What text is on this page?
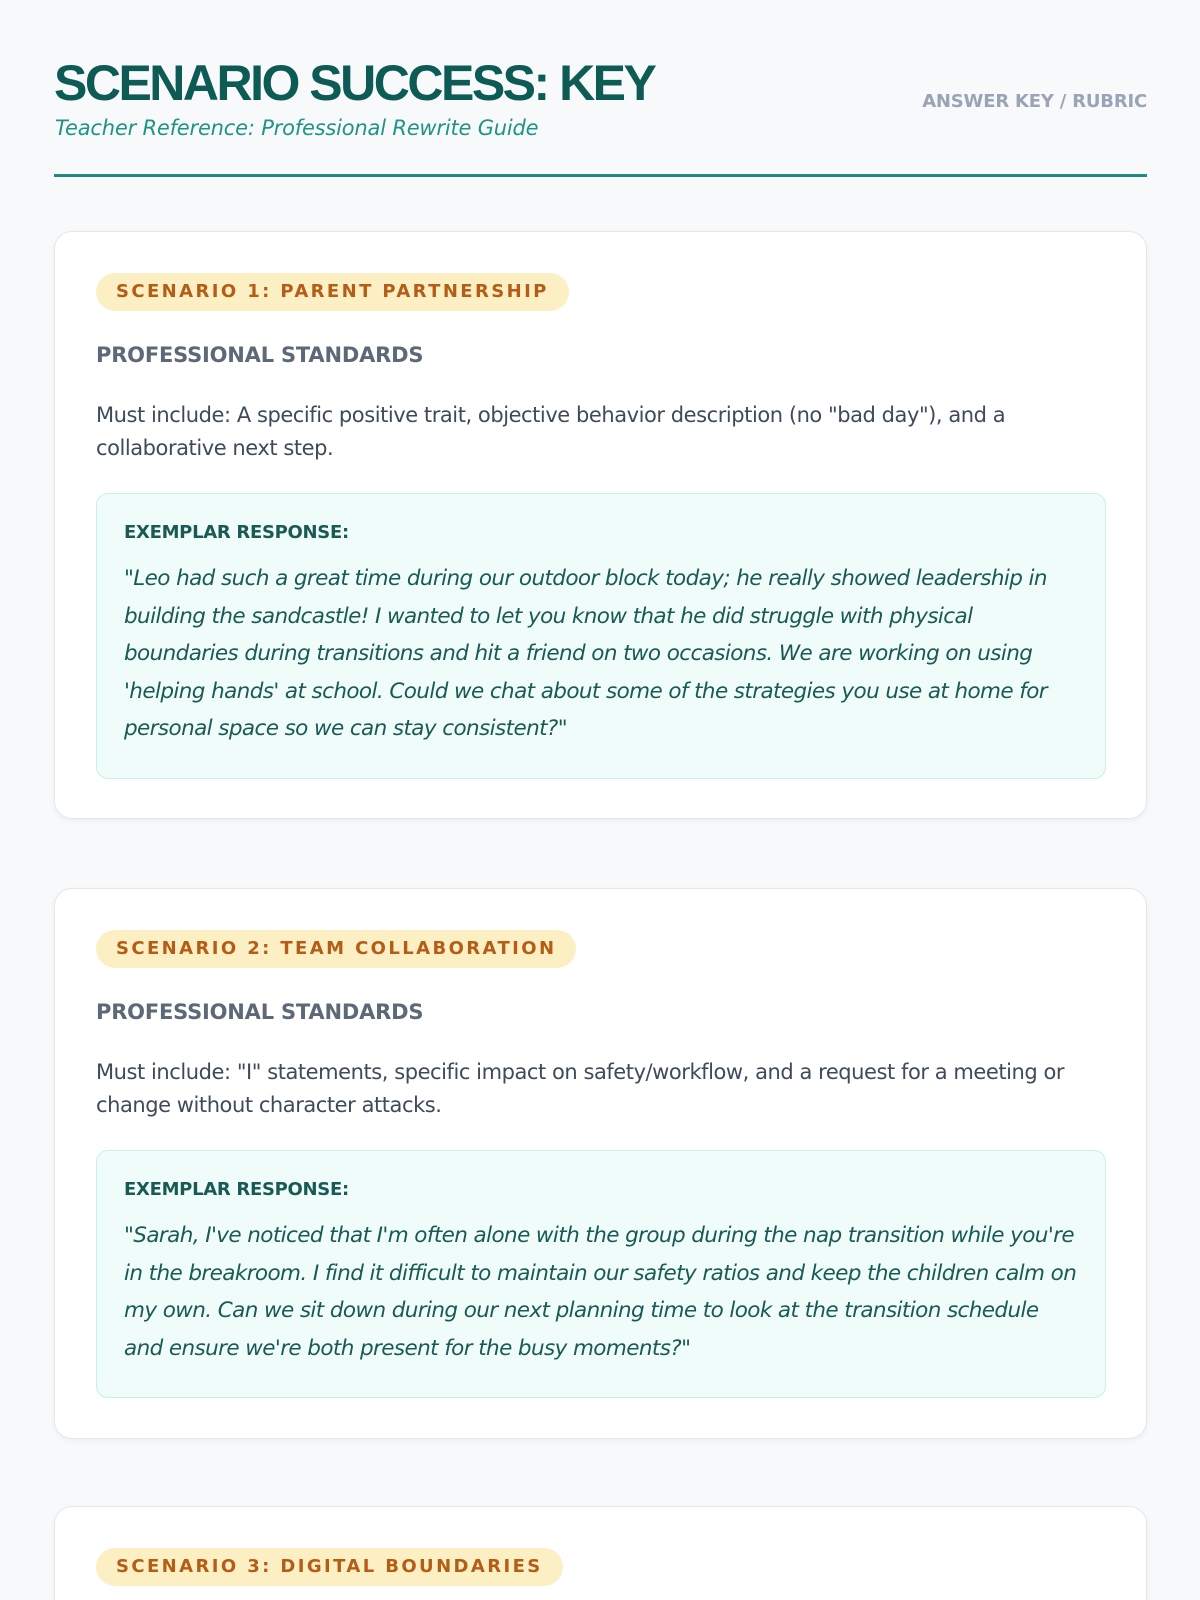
SCENARIO SUCCESS: KEY
Teacher Reference: Professional Rewrite Guide
ANSWER KEY / RUBRIC
SCENARIO 1: PARENT PARTNERSHIP
PROFESSIONAL STANDARDS
Must include: A specific positive trait, objective behavior description (no "bad day"), and a collaborative next step.
EXEMPLAR RESPONSE:
"Leo had such a great time during our outdoor block today; he really showed leadership in building the sandcastle! I wanted to let you know that he did struggle with physical boundaries during transitions and hit a friend on two occasions. We are working on using 'helping hands' at school. Could we chat about some of the strategies you use at home for personal space so we can stay consistent?"
SCENARIO 2: TEAM COLLABORATION
PROFESSIONAL STANDARDS
Must include: "I" statements, specific impact on safety/workflow, and a request for a meeting or change without character attacks.
EXEMPLAR RESPONSE:
"Sarah, I've noticed that I'm often alone with the group during the nap transition while you're in the breakroom. I find it difficult to maintain our safety ratios and keep the children calm on my own. Can we sit down during our next planning time to look at the transition schedule and ensure we're both present for the busy moments?"
SCENARIO 3: DIGITAL BOUNDARIES
